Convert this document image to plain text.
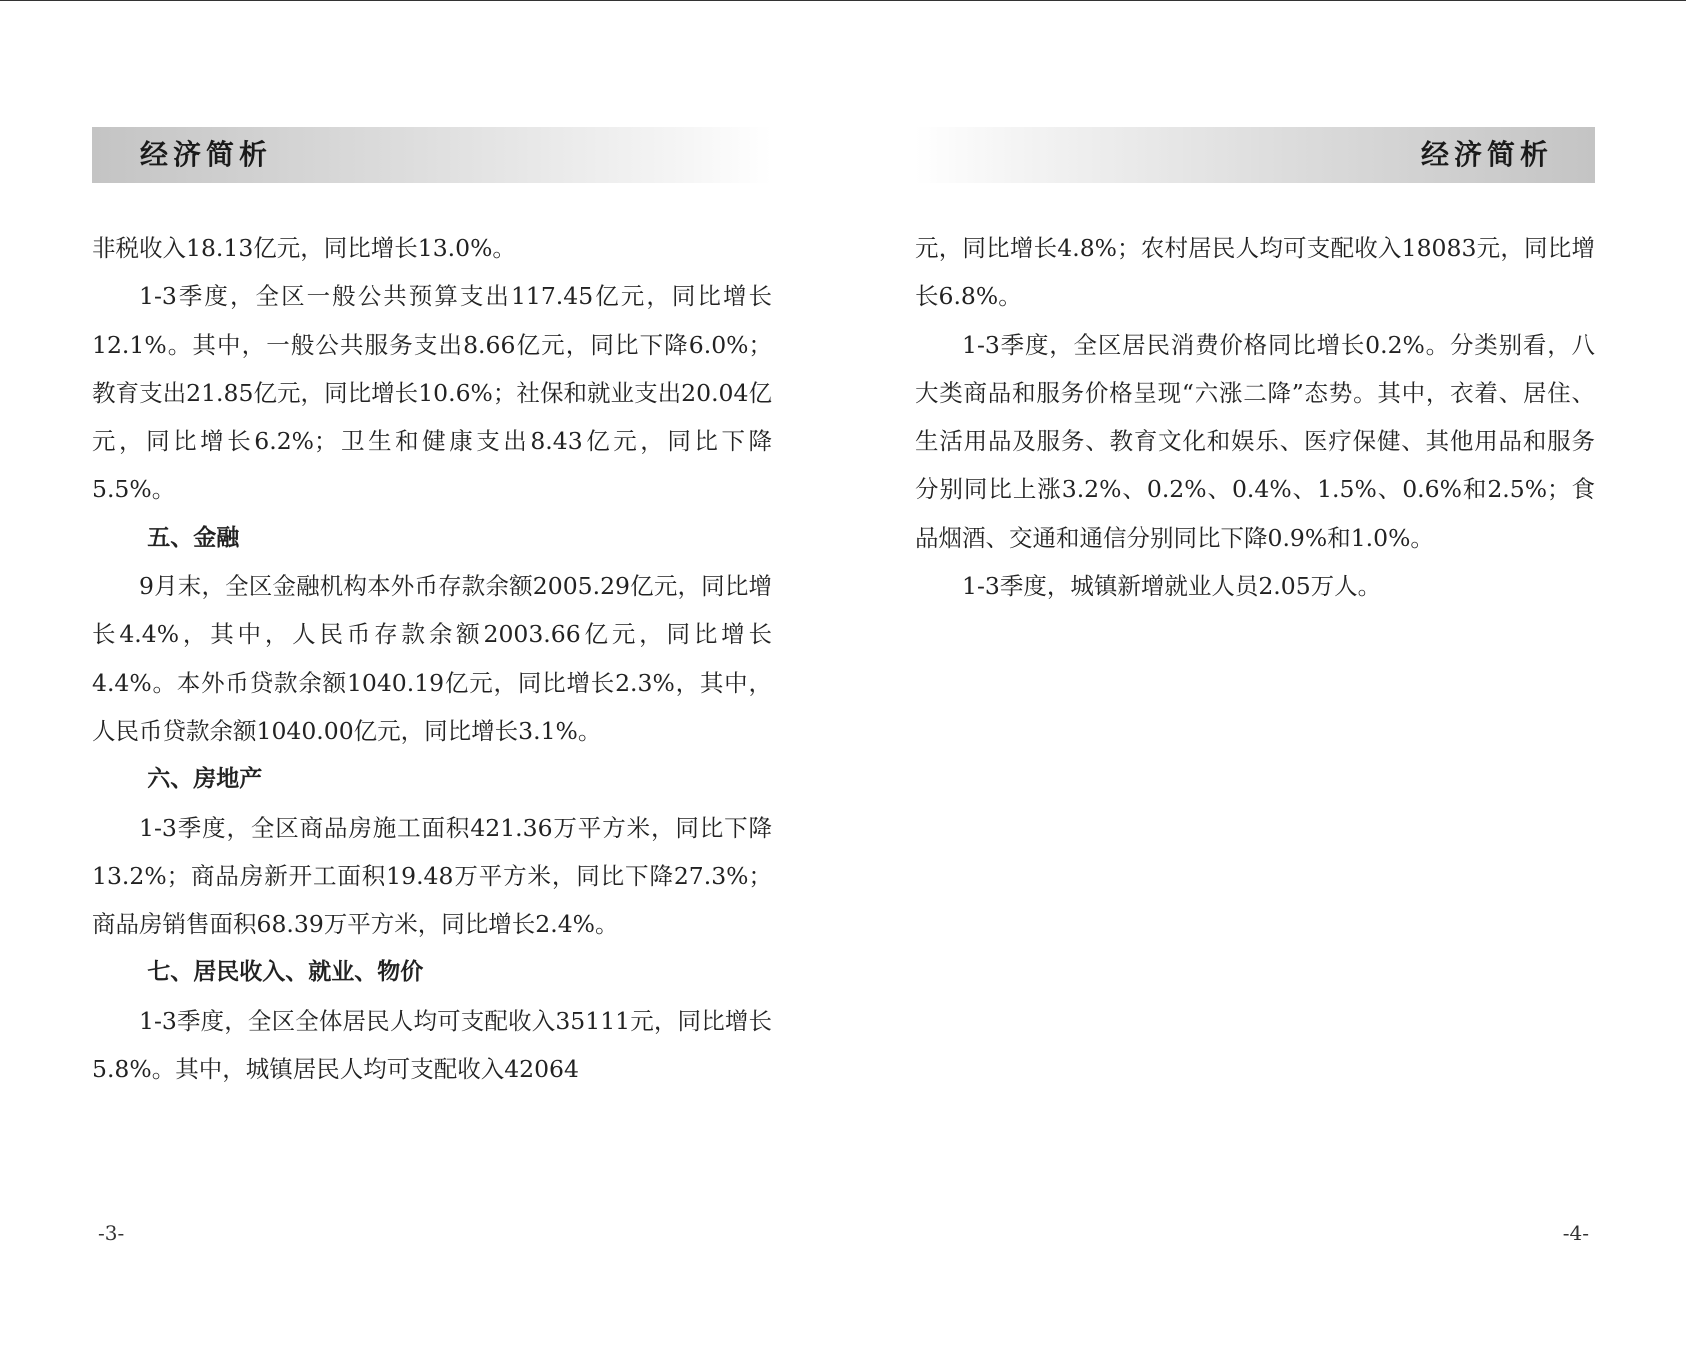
经济简析

非税收入18.13亿元，同比增长13.0%。

1-3季度，全区一般公共预算支出117.45亿元，同比增长12.1%。其中，一般公共服务支出8.66亿元，同比下降6.0%；教育支出21.85亿元，同比增长10.6%；社保和就业支出20.04亿元，同比增长6.2%；卫生和健康支出8.43亿元，同比下降5.5%。

五、金融

9月末，全区金融机构本外币存款余额2005.29亿元，同比增长4.4%，其中，人民币存款余额2003.66亿元，同比增长4.4%。本外币贷款余额1040.19亿元，同比增长2.3%，其中，人民币贷款余额1040.00亿元，同比增长3.1%。

六、房地产

1-3季度，全区商品房施工面积421.36万平方米，同比下降13.2%；商品房新开工面积19.48万平方米，同比下降27.3%；商品房销售面积68.39万平方米，同比增长2.4%。

七、居民收入、就业、物价

1-3季度，全区全体居民人均可支配收入35111元，同比增长5.8%。其中，城镇居民人均可支配收入42064

-3-
经济简析

元，同比增长4.8%；农村居民人均可支配收入18083元，同比增长6.8%。

1-3季度，全区居民消费价格同比增长0.2%。分类别看，八大类商品和服务价格呈现“六涨二降”态势。其中，衣着、居住、生活用品及服务、教育文化和娱乐、医疗保健、其他用品和服务分别同比上涨3.2%、0.2%、0.4%、1.5%、0.6%和2.5%；食品烟酒、交通和通信分别同比下降0.9%和1.0%。

1-3季度，城镇新增就业人员2.05万人。

-4-
